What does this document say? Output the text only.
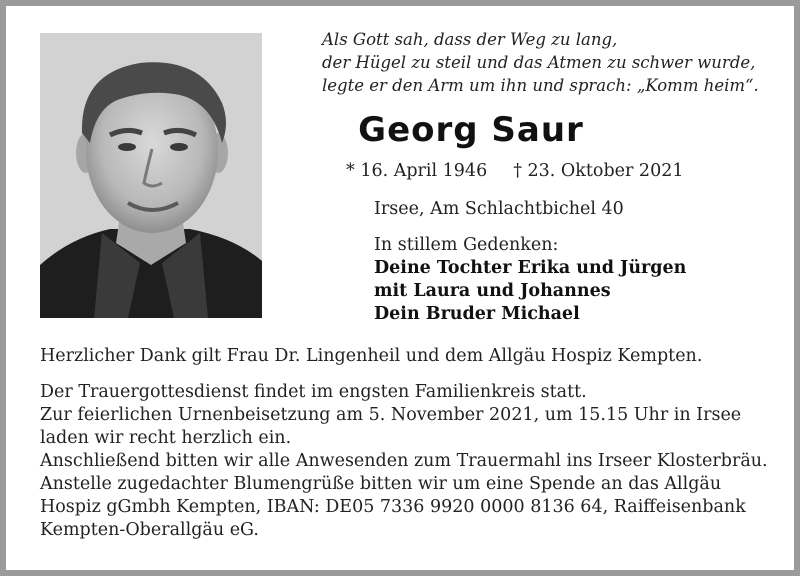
Als Gott sah, dass der Weg zu lang,
der Hügel zu steil und das Atmen zu schwer wurde,
legte er den Arm um ihn und sprach: „Komm heim“.
Georg Saur
* 16. April 1946 † 23. Oktober 2021
Irsee, Am Schlachtbichel 40
In stillem Gedenken:
Deine Tochter Erika und Jürgen
mit Laura und Johannes
Dein Bruder Michael

Herzlicher Dank gilt Frau Dr. Lingenheil und dem Allgäu Hospiz Kempten.

Der Trauergottesdienst findet im engsten Familienkreis statt.

Zur feierlichen Urnenbeisetzung am 5. November 2021, um 15.15 Uhr in Irsee

laden wir recht herzlich ein.

Anschließend bitten wir alle Anwesenden zum Trauermahl ins Irseer Klosterbräu.

Anstelle zugedachter Blumengrüße bitten wir um eine Spende an das Allgäu

Hospiz gGmbh Kempten, IBAN: DE05 7336 9920 0000 8136 64, Raiffeisenbank

Kempten-Oberallgäu eG.
